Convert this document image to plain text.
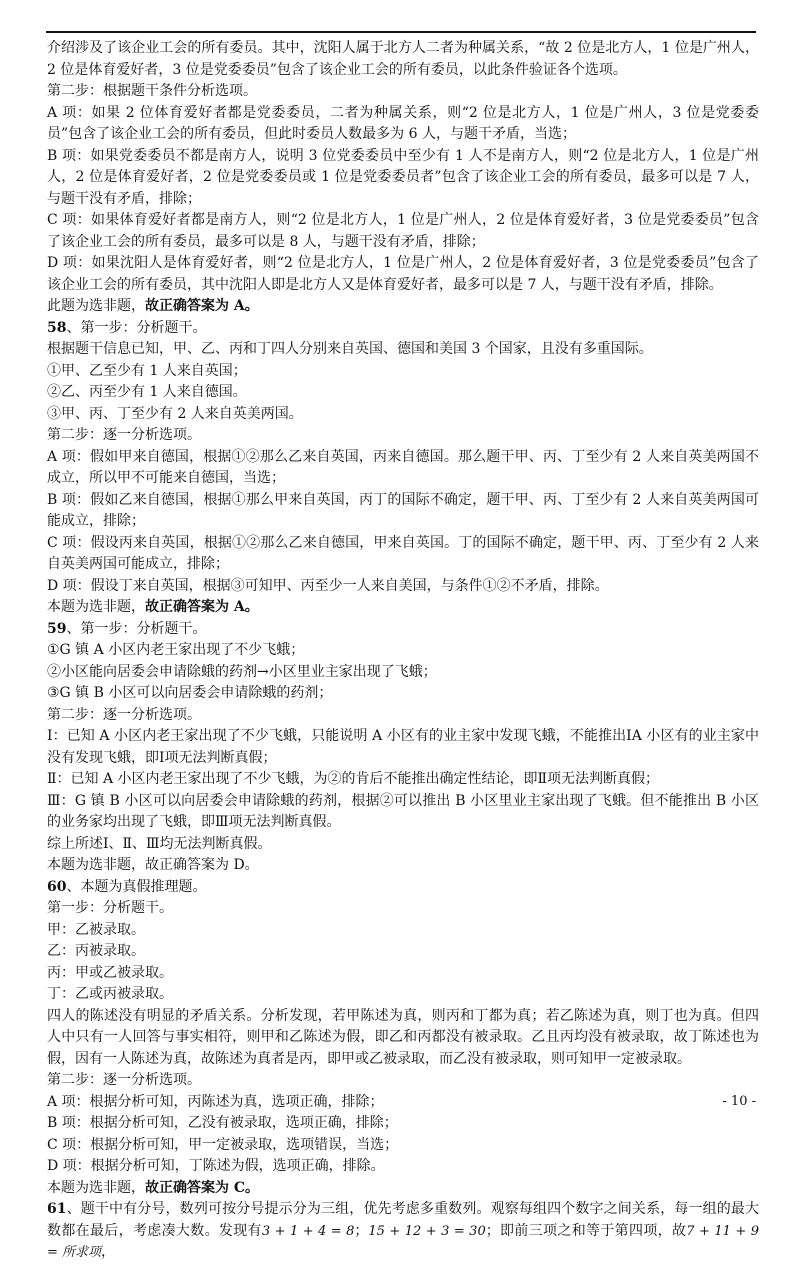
介绍涉及了该企业工会的所有委员。其中，沈阳人属于北方人二者为种属关系，“故 2 位是北方人，1 位是广州人，2 位是体育爱好者，3 位是党委委员”包含了该企业工会的所有委员，以此条件验证各个选项。

第二步：根据题干条件分析选项。

A 项：如果 2 位体育爱好者都是党委委员，二者为种属关系，则“2 位是北方人，1 位是广州人，3 位是党委委员”包含了该企业工会的所有委员，但此时委员人数最多为 6 人，与题干矛盾，当选；

B 项：如果党委委员不都是南方人，说明 3 位党委委员中至少有 1 人不是南方人，则“2 位是北方人，1 位是广州人，2 位是体育爱好者，2 位是党委委员或 1 位是党委委员者”包含了该企业工会的所有委员，最多可以是 7 人，与题干没有矛盾，排除；

C 项：如果体育爱好者都是南方人，则“2 位是北方人，1 位是广州人，2 位是体育爱好者，3 位是党委委员”包含了该企业工会的所有委员，最多可以是 8 人，与题干没有矛盾，排除；

D 项：如果沈阳人是体育爱好者，则“2 位是北方人，1 位是广州人，2 位是体育爱好者，3 位是党委委员”包含了该企业工会的所有委员，其中沈阳人即是北方人又是体育爱好者，最多可以是 7 人，与题干没有矛盾，排除。

此题为选非题，故正确答案为 A。

58、第一步：分析题干。

根据题干信息已知，甲、乙、丙和丁四人分别来自英国、德国和美国 3 个国家，且没有多重国际。

①甲、乙至少有 1 人来自英国；

②乙、丙至少有 1 人来自德国。

③甲、丙、丁至少有 2 人来自英美两国。

第二步：逐一分析选项。

A 项：假如甲来自德国，根据①②那么乙来自英国，丙来自德国。那么题干甲、丙、丁至少有 2 人来自英美两国不成立，所以甲不可能来自德国，当选；

B 项：假如乙来自德国，根据①那么甲来自英国，丙丁的国际不确定，题干甲、丙、丁至少有 2 人来自英美两国可能成立，排除；

C 项：假设丙来自英国，根据①②那么乙来自德国，甲来自英国。丁的国际不确定，题干甲、丙、丁至少有 2 人来自英美两国可能成立，排除；

D 项：假设丁来自英国，根据③可知甲、丙至少一人来自美国，与条件①②不矛盾，排除。

本题为选非题，故正确答案为 A。

59、第一步：分析题干。

①G 镇 A 小区内老王家出现了不少飞蛾；

②小区能向居委会申请除蛾的药剂→小区里业主家出现了飞蛾；

③G 镇 B 小区可以向居委会申请除蛾的药剂；

第二步：逐一分析选项。

Ⅰ：已知 A 小区内老王家出现了不少飞蛾，只能说明 A 小区有的业主家中发现飞蛾，不能推出ⅠA 小区有的业主家中没有发现飞蛾，即Ⅰ项无法判断真假；

Ⅱ：已知 A 小区内老王家出现了不少飞蛾，为②的肯后不能推出确定性结论，即Ⅱ项无法判断真假；

Ⅲ：G 镇 B 小区可以向居委会申请除蛾的药剂，根据②可以推出 B 小区里业主家出现了飞蛾。但不能推出 B 小区的业务家均出现了飞蛾，即Ⅲ项无法判断真假。

综上所述Ⅰ、Ⅱ、Ⅲ均无法判断真假。

本题为选非题，故正确答案为 D。

60、本题为真假推理题。

第一步：分析题干。

甲：乙被录取。

乙：丙被录取。

丙：甲或乙被录取。

丁：乙或丙被录取。

四人的陈述没有明显的矛盾关系。分析发现，若甲陈述为真，则丙和丁都为真；若乙陈述为真，则丁也为真。但四人中只有一人回答与事实相符，则甲和乙陈述为假，即乙和丙都没有被录取。乙且丙均没有被录取，故丁陈述也为假，因有一人陈述为真，故陈述为真者是丙，即甲或乙被录取，而乙没有被录取，则可知甲一定被录取。

第二步：逐一分析选项。

A 项：根据分析可知，丙陈述为真，选项正确，排除；

B 项：根据分析可知，乙没有被录取，选项正确，排除；

C 项：根据分析可知，甲一定被录取，选项错误，当选；

D 项：根据分析可知，丁陈述为假，选项正确，排除。

本题为选非题，故正确答案为 C。

61、题干中有分号，数列可按分号提示分为三组，优先考虑多重数列。观察每组四个数字之间关系，每一组的最大数都在最后，考虑凑大数。发现有3 + 1 + 4 = 8；15 + 12 + 3 = 30；即前三项之和等于第四项，故7 + 11 + 9 = 所求项，

- 10 -
